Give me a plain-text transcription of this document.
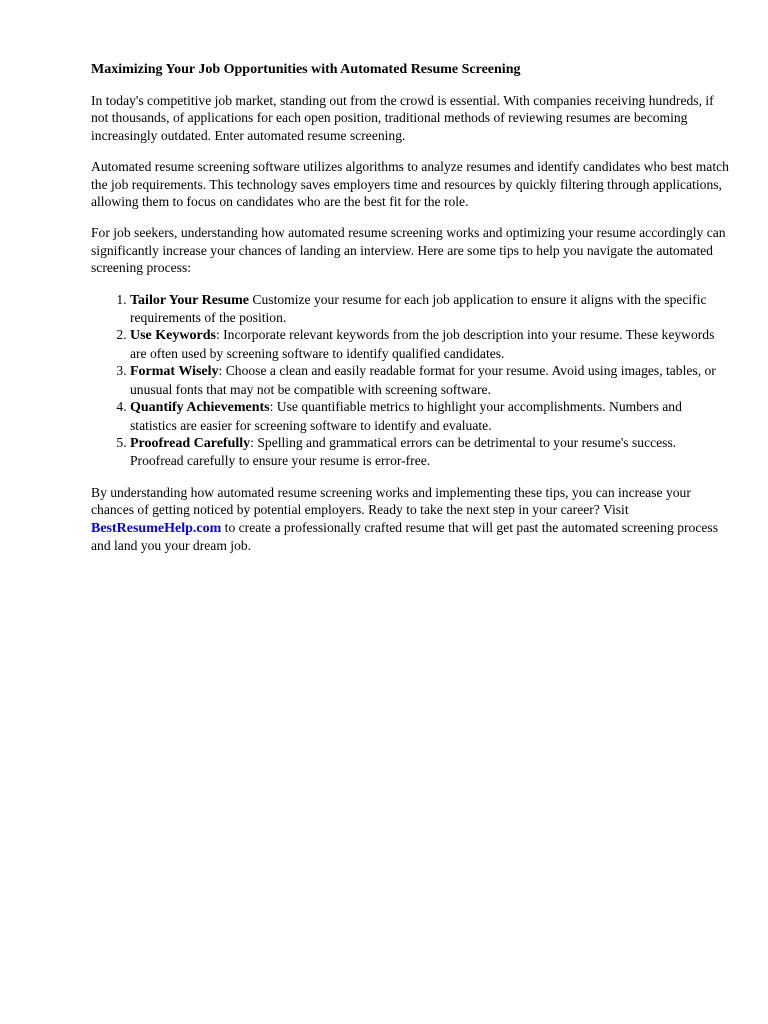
Maximizing Your Job Opportunities with Automated Resume Screening

In today's competitive job market, standing out from the crowd is essential. With companies receiving hundreds, if not thousands, of applications for each open position, traditional methods of reviewing resumes are becoming increasingly outdated. Enter automated resume screening.

Automated resume screening software utilizes algorithms to analyze resumes and identify candidates who best match the job requirements. This technology saves employers time and resources by quickly filtering through applications, allowing them to focus on candidates who are the best fit for the role.

For job seekers, understanding how automated resume screening works and optimizing your resume accordingly can significantly increase your chances of landing an interview. Here are some tips to help you navigate the automated screening process:

1. Tailor Your Resume Customize your resume for each job application to ensure it aligns with the specific requirements of the position.
2. Use Keywords: Incorporate relevant keywords from the job description into your resume. These keywords are often used by screening software to identify qualified candidates.
3. Format Wisely: Choose a clean and easily readable format for your resume. Avoid using images, tables, or unusual fonts that may not be compatible with screening software.
4. Quantify Achievements: Use quantifiable metrics to highlight your accomplishments. Numbers and statistics are easier for screening software to identify and evaluate.
5. Proofread Carefully: Spelling and grammatical errors can be detrimental to your resume's success. Proofread carefully to ensure your resume is error-free.

By understanding how automated resume screening works and implementing these tips, you can increase your chances of getting noticed by potential employers. Ready to take the next step in your career? Visit BestResumeHelp.com to create a professionally crafted resume that will get past the automated screening process and land you your dream job.
